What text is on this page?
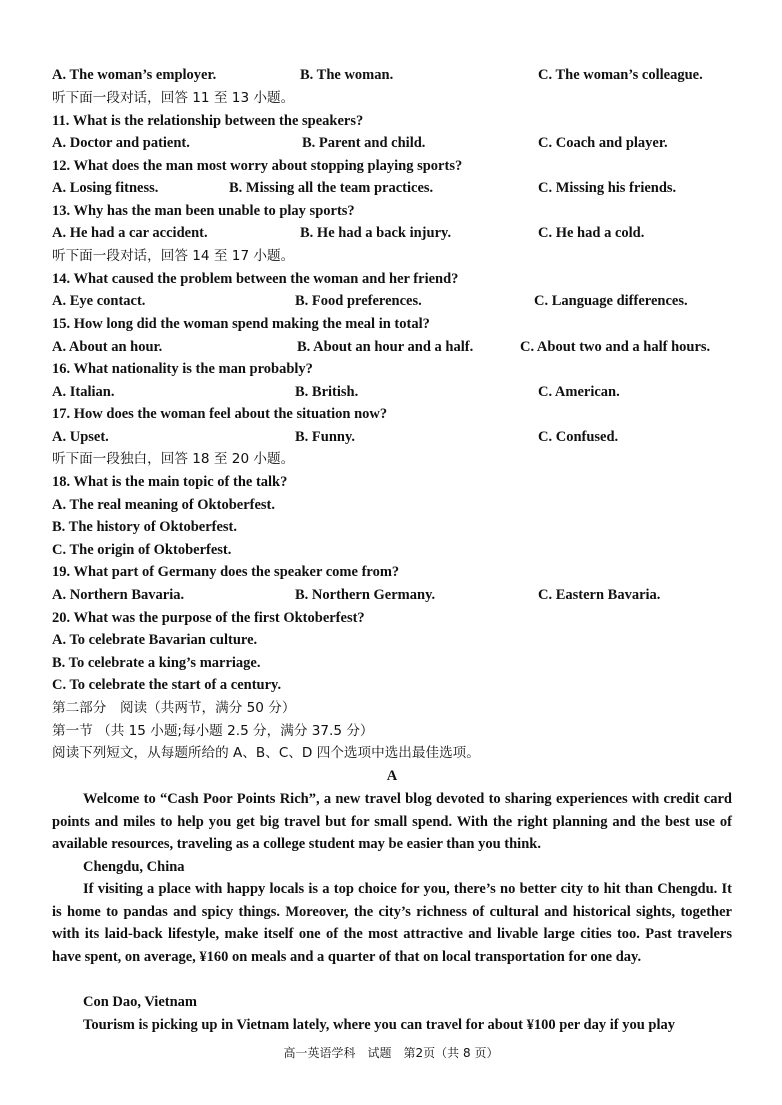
A. The woman’s employer.	B. The woman.	C. The woman’s colleague.
听下面一段对话，回答 11 至 13 小题。
11. What is the relationship between the speakers?
A. Doctor and patient.	B. Parent and child.	C. Coach and player.
12. What does the man most worry about stopping playing sports?
A. Losing fitness.	B. Missing all the team practices.	C. Missing his friends.
13. Why has the man been unable to play sports?
A. He had a car accident.	B. He had a back injury.	C. He had a cold.
听下面一段对话，回答 14 至 17 小题。
14. What caused the problem between the woman and her friend?
A. Eye contact.	B. Food preferences.	C. Language differences.
15. How long did the woman spend making the meal in total?
A. About an hour.	B. About an hour and a half.	C. About two and a half hours.
16. What nationality is the man probably?
A. Italian.	B. British.	C. American.
17. How does the woman feel about the situation now?
A. Upset.	B. Funny.	C. Confused.
听下面一段独白，回答 18 至 20 小题。
18. What is the main topic of the talk?
A. The real meaning of Oktoberfest.
B. The history of Oktoberfest.
C. The origin of Oktoberfest.
19. What part of Germany does the speaker come from?
A. Northern Bavaria.	B. Northern Germany.	C. Eastern Bavaria.
20. What was the purpose of the first Oktoberfest?
A. To celebrate Bavarian culture.
B. To celebrate a king’s marriage.
C. To celebrate the start of a century.
第二部分　阅读（共两节，满分 50 分）
第一节 （共 15 小题;每小题 2.5 分，满分 37.5 分）
阅读下列短文，从每题所给的 A、B、C、D 四个选项中选出最佳选项。
A

Welcome to “Cash Poor Points Rich”, a new travel blog devoted to sharing experiences with credit card points and miles to help you get big travel but for small spend. With the right planning and the best use of available resources, traveling as a college student may be easier than you think.

Chengdu, China

If visiting a place with happy locals is a top choice for you, there’s no better city to hit than Chengdu. It is home to pandas and spicy things. Moreover, the city’s richness of cultural and historical sights, together with its laid-back lifestyle, make itself one of the most attractive and livable large cities too. Past travelers have spent, on average, ¥160 on meals and a quarter of that on local transportation for one day.

Con Dao, Vietnam
Tourism is picking up in Vietnam lately, where you can travel for about ¥100 per day if you play
高一英语学科　试题　第2页（共 8 页）
